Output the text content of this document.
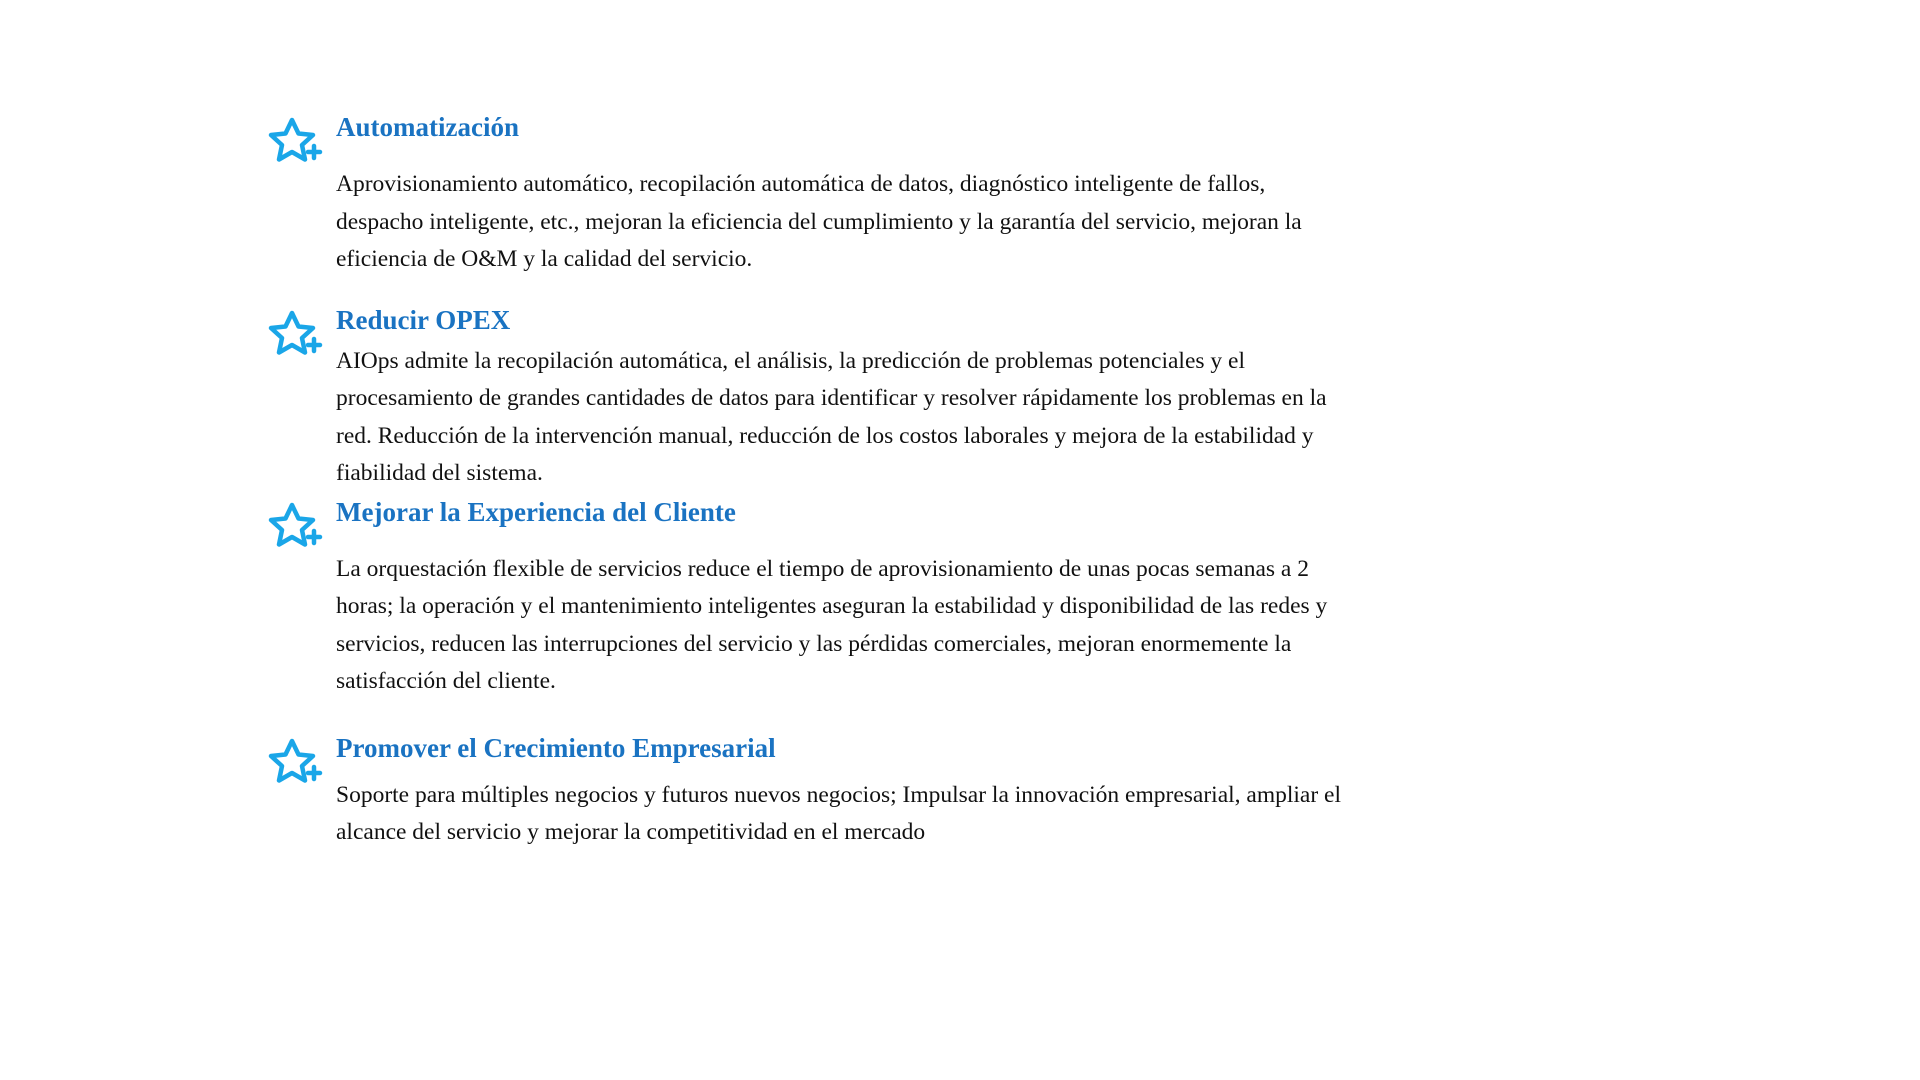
Automatización

Aprovisionamiento automático, recopilación automática de datos, diagnóstico inteligente de fallos, despacho inteligente, etc., mejoran la eficiencia del cumplimiento y la garantía del servicio, mejoran la eficiencia de O&M y la calidad del servicio.

Reducir OPEX

AIOps admite la recopilación automática, el análisis, la predicción de problemas potenciales y el procesamiento de grandes cantidades de datos para identificar y resolver rápidamente los problemas en la red. Reducción de la intervención manual, reducción de los costos laborales y mejora de la estabilidad y fiabilidad del sistema.

Mejorar la Experiencia del Cliente

La orquestación flexible de servicios reduce el tiempo de aprovisionamiento de unas pocas semanas a 2 horas; la operación y el mantenimiento inteligentes aseguran la estabilidad y disponibilidad de las redes y servicios, reducen las interrupciones del servicio y las pérdidas comerciales, mejoran enormemente la satisfacción del cliente.

Promover el Crecimiento Empresarial

Soporte para múltiples negocios y futuros nuevos negocios; Impulsar la innovación empresarial, ampliar el alcance del servicio y mejorar la competitividad en el mercado
